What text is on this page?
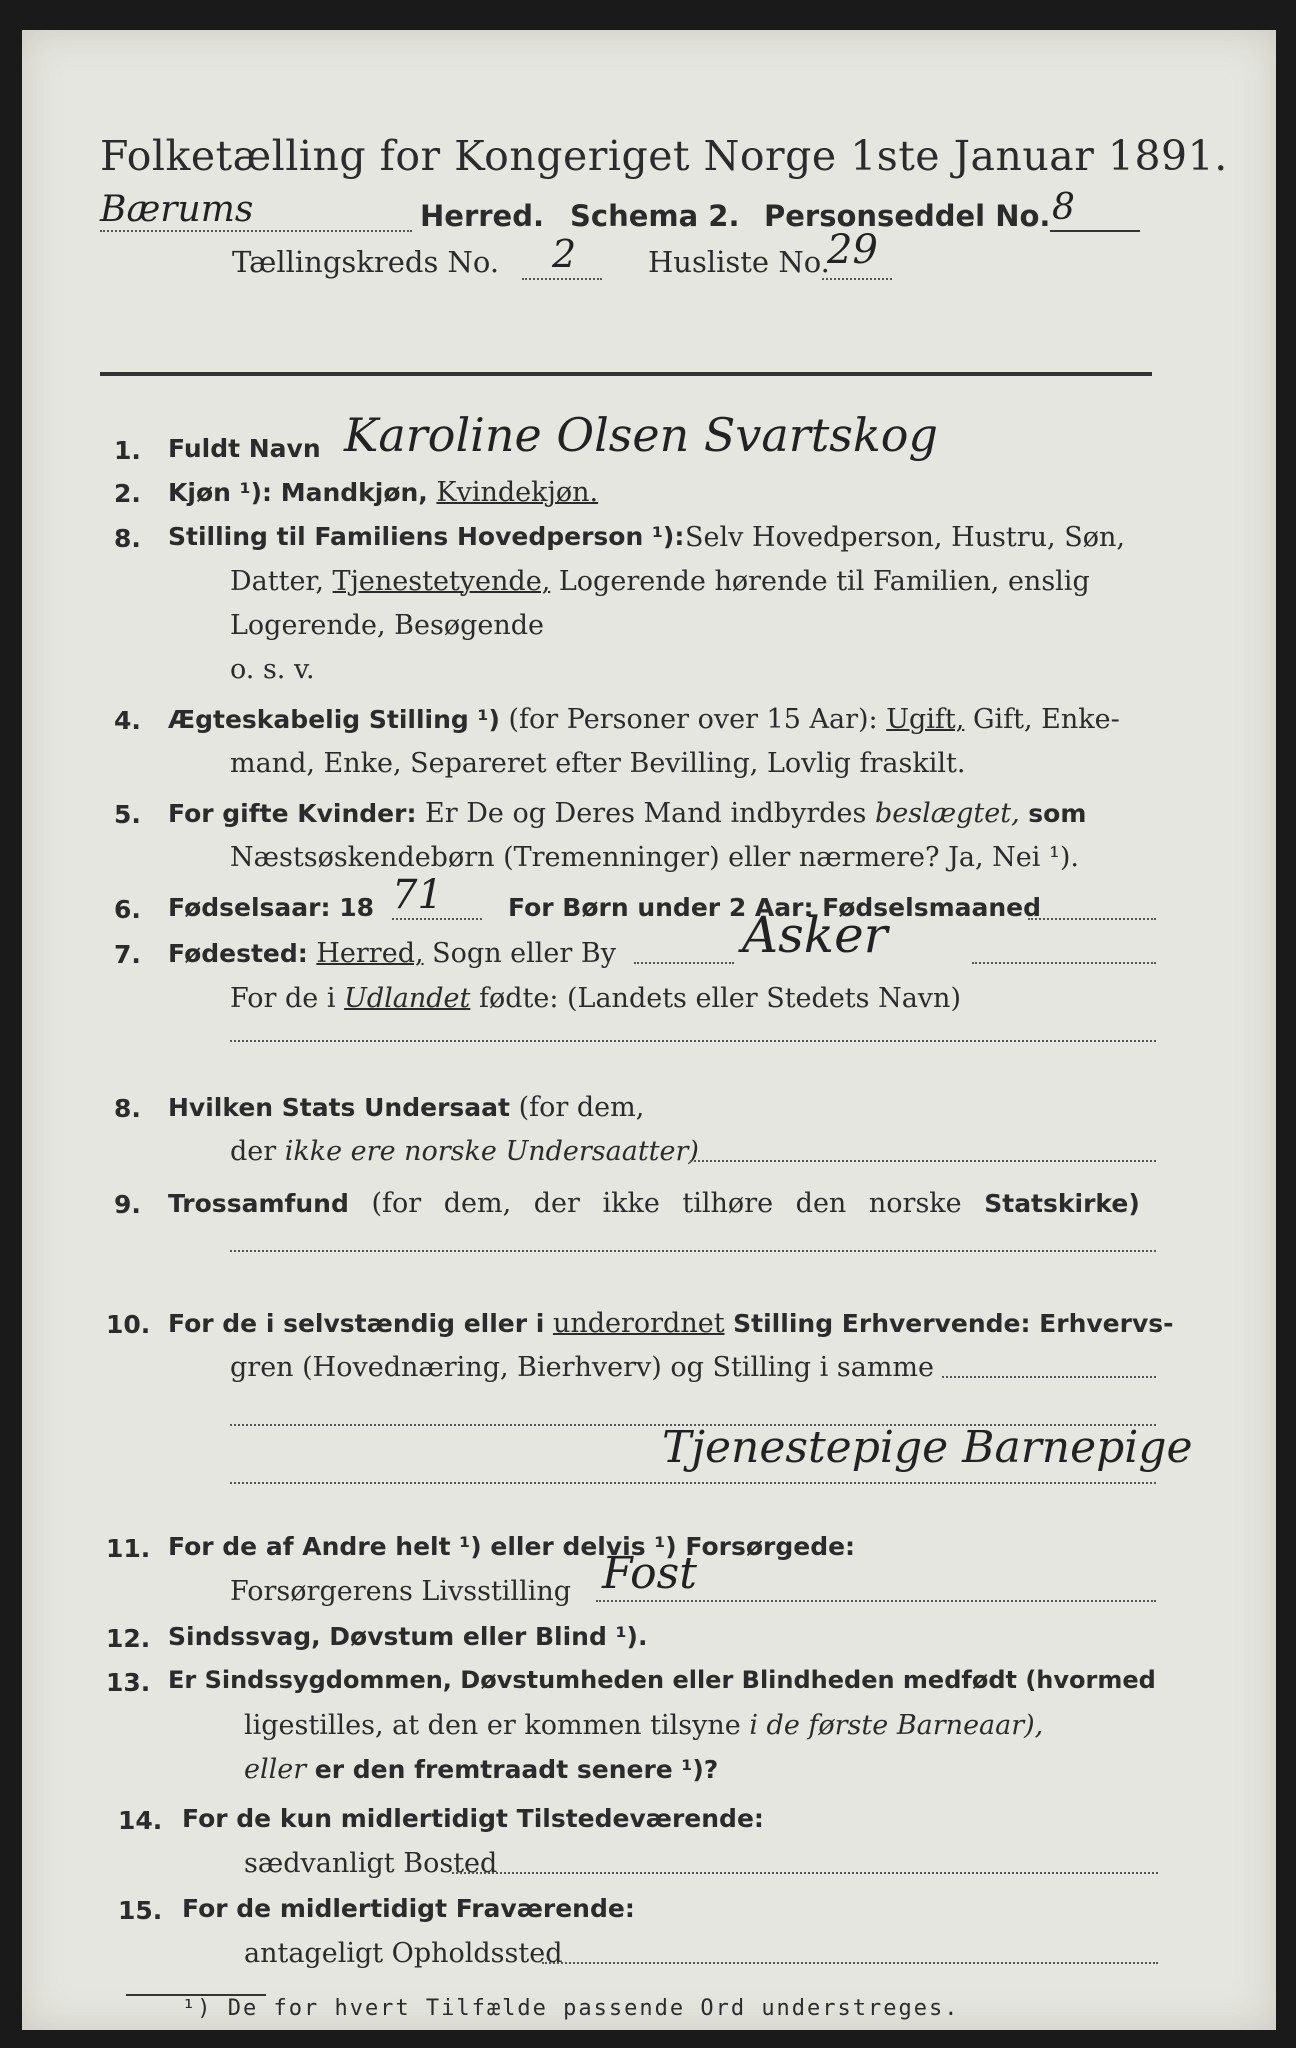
Folketælling for Kongeriget Norge 1ste Januar 1891.
Bærums	Herred. Schema 2. Personseddel No. 8
Tællingskreds No. 2 Husliste No.
29
1. Fuldt Navn Karoline Olsen Svartskog
2. Kjøn ¹): Mandkjøn, Kvindekjøn.
8. Stilling til Familiens Hovedperson ¹): Selv Hovedperson, Hustru, Søn,
Datter, Tjenestetyende, Logerende hørende til Familien, enslig
Logerende, Besøgende
o. s. v.
4. Ægteskabelig Stilling ¹) (for Personer over 15 Aar): Ugift, Gift, Enke-
mand, Enke, Separeret efter Bevilling, Lovlig fraskilt.
5. For gifte Kvinder: Er De og Deres Mand indbyrdes beslægtet, som
Næstsøskendebørn (Tremenninger) eller nærmere? Ja, Nei ¹).
6. Fødselsaar: 18 71	For Børn under 2 Aar: Fødselsmaaned
7. Fødested: Herred, Sogn eller By	Asker
For de i Udlandet fødte: (Landets eller Stedets Navn)
8. Hvilken Stats Undersaat (for dem,
der ikke ere norske Undersaatter)
9. Trossamfund (for dem, der ikke tilhøre den norske Statskirke)
10. For de i selvstændig eller i underordnet Stilling Erhvervende: Erhvervs-
gren (Hovednæring, Bierhverv) og Stilling i samme
Tjenestepige Barnepige
11. For de af Andre helt ¹) eller delvis ¹) Forsørgede:
Forsørgerens Livsstilling Fost
12. Sindssvag, Døvstum eller Blind ¹).
13. Er Sindssygdommen, Døvstumheden eller Blindheden medfødt (hvormed
ligestilles, at den er kommen tilsyne i de første Barneaar),
eller er den fremtraadt senere ¹)?
14. For de kun midlertidigt Tilstedeværende:
sædvanligt Bosted
15. For de midlertidigt Fraværende:
antageligt Opholdssted
¹) De for hvert Tilfælde passende Ord understreges.
